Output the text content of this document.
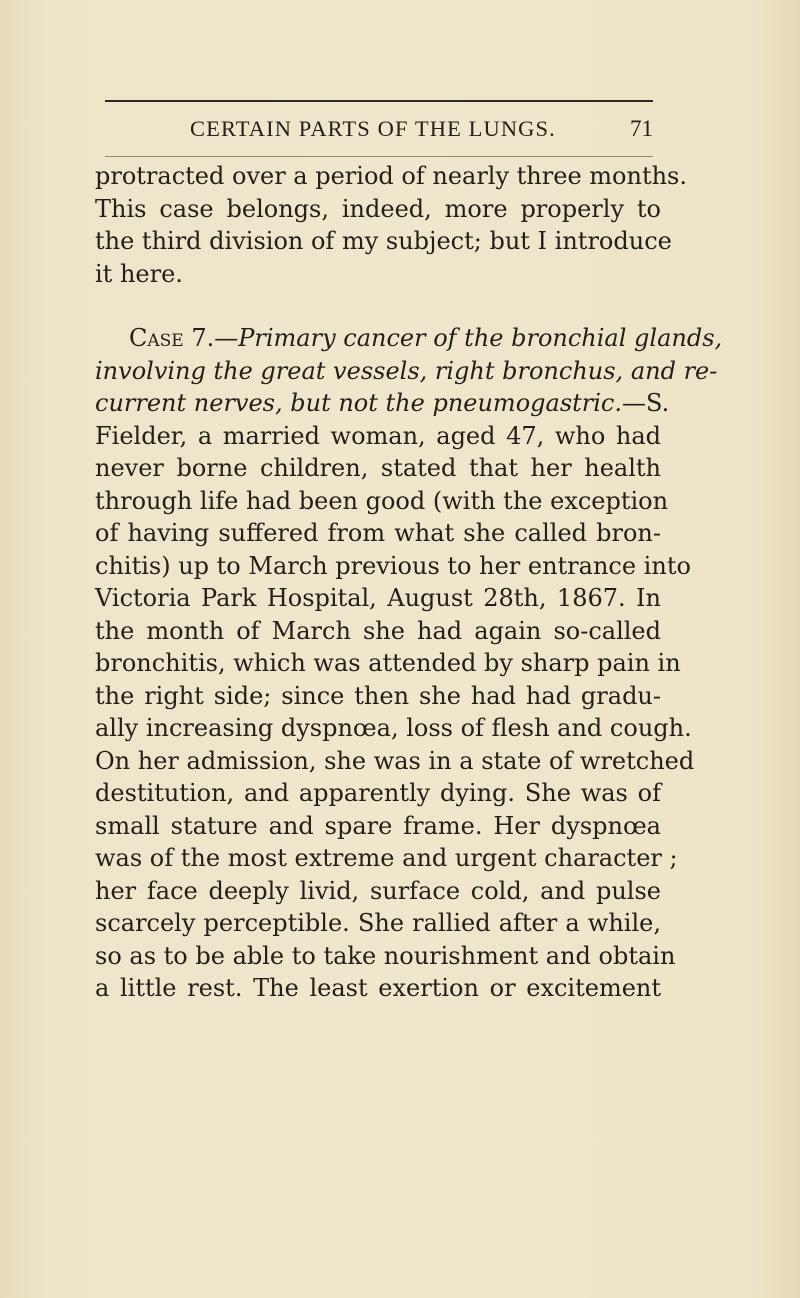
CERTAIN PARTS OF THE LUNGS.	71
protracted over a period of nearly three months.
This case belongs, indeed, more properly to
the third division of my subject; but I introduce
it here.
Case 7.—Primary cancer of the bronchial glands,
involving the great vessels, right bronchus, and re-
current nerves, but not the pneumogastric.—S.
Fielder, a married woman, aged 47, who had
never borne children, stated that her health
through life had been good (with the exception
of having suffered from what she called bron-
chitis) up to March previous to her entrance into
Victoria Park Hospital, August 28th, 1867. In
the month of March she had again so-called
bronchitis, which was attended by sharp pain in
the right side; since then she had had gradu-
ally increasing dyspnœa, loss of flesh and cough.
On her admission, she was in a state of wretched
destitution, and apparently dying. She was of
small stature and spare frame. Her dyspnœa
was of the most extreme and urgent character ;
her face deeply livid, surface cold, and pulse
scarcely perceptible. She rallied after a while,
so as to be able to take nourishment and obtain
a little rest. The least exertion or excitement
